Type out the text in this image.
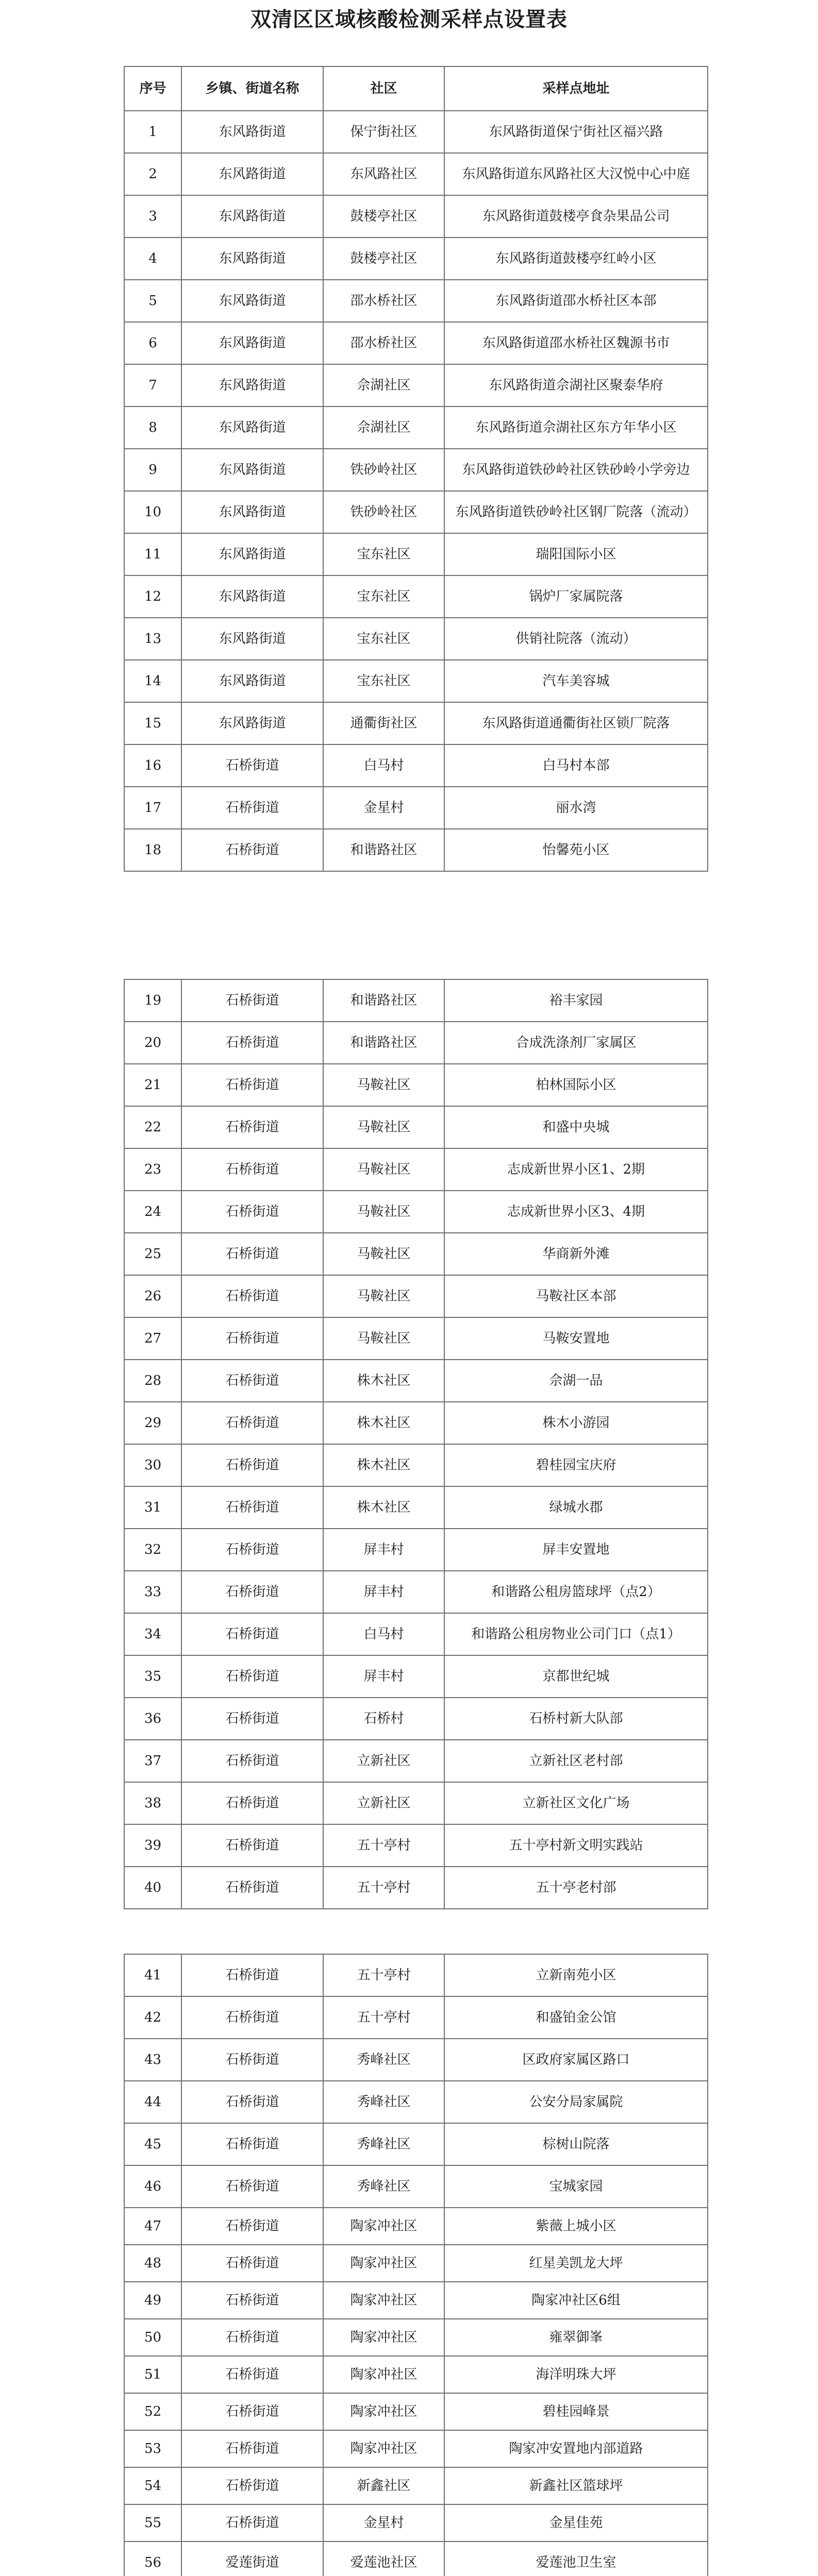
双清区区域核酸检测采样点设置表
序号	乡镇、街道名称	社区	采样点地址
1	东风路街道	保宁街社区	东风路街道保宁街社区福兴路
2	东风路街道	东风路社区	东风路街道东风路社区大汉悦中心中庭
3	东风路街道	鼓楼亭社区	东风路街道鼓楼亭食杂果品公司
4	东风路街道	鼓楼亭社区	东风路街道鼓楼亭红岭小区
5	东风路街道	邵水桥社区	东风路街道邵水桥社区本部
6	东风路街道	邵水桥社区	东风路街道邵水桥社区魏源书市
7	东风路街道	佘湖社区	东风路街道佘湖社区聚泰华府
8	东风路街道	佘湖社区	东风路街道佘湖社区东方年华小区
9	东风路街道	铁砂岭社区	东风路街道铁砂岭社区铁砂岭小学旁边
10	东风路街道	铁砂岭社区	东风路街道铁砂岭社区钢厂院落（流动）
11	东风路街道	宝东社区	瑞阳国际小区
12	东风路街道	宝东社区	锅炉厂家属院落
13	东风路街道	宝东社区	供销社院落（流动）
14	东风路街道	宝东社区	汽车美容城
15	东风路街道	通衢街社区	东风路街道通衢街社区锁厂院落
16	石桥街道	白马村	白马村本部
17	石桥街道	金星村	丽水湾
18	石桥街道	和谐路社区	怡馨苑小区
19	石桥街道	和谐路社区	裕丰家园
20	石桥街道	和谐路社区	合成洗涤剂厂家属区
21	石桥街道	马鞍社区	柏林国际小区
22	石桥街道	马鞍社区	和盛中央城
23	石桥街道	马鞍社区	志成新世界小区1、2期
24	石桥街道	马鞍社区	志成新世界小区3、4期
25	石桥街道	马鞍社区	华商新外滩
26	石桥街道	马鞍社区	马鞍社区本部
27	石桥街道	马鞍社区	马鞍安置地
28	石桥街道	株木社区	佘湖一品
29	石桥街道	株木社区	株木小游园
30	石桥街道	株木社区	碧桂园宝庆府
31	石桥街道	株木社区	绿城水郡
32	石桥街道	屏丰村	屏丰安置地
33	石桥街道	屏丰村	和谐路公租房篮球坪（点2）
34	石桥街道	白马村	和谐路公租房物业公司门口（点1）
35	石桥街道	屏丰村	京都世纪城
36	石桥街道	石桥村	石桥村新大队部
37	石桥街道	立新社区	立新社区老村部
38	石桥街道	立新社区	立新社区文化广场
39	石桥街道	五十亭村	五十亭村新文明实践站
40	石桥街道	五十亭村	五十亭老村部
41	石桥街道	五十亭村	立新南苑小区
42	石桥街道	五十亭村	和盛铂金公馆
43	石桥街道	秀峰社区	区政府家属区路口
44	石桥街道	秀峰社区	公安分局家属院
45	石桥街道	秀峰社区	棕树山院落
46	石桥街道	秀峰社区	宝城家园
47	石桥街道	陶家冲社区	紫薇上城小区
48	石桥街道	陶家冲社区	红星美凯龙大坪
49	石桥街道	陶家冲社区	陶家冲社区6组
50	石桥街道	陶家冲社区	雍翠御峯
51	石桥街道	陶家冲社区	海洋明珠大坪
52	石桥街道	陶家冲社区	碧桂园峰景
53	石桥街道	陶家冲社区	陶家冲安置地内部道路
54	石桥街道	新鑫社区	新鑫社区篮球坪
55	石桥街道	金星村	金星佳苑
56	爱莲街道	爱莲池社区	爱莲池卫生室
